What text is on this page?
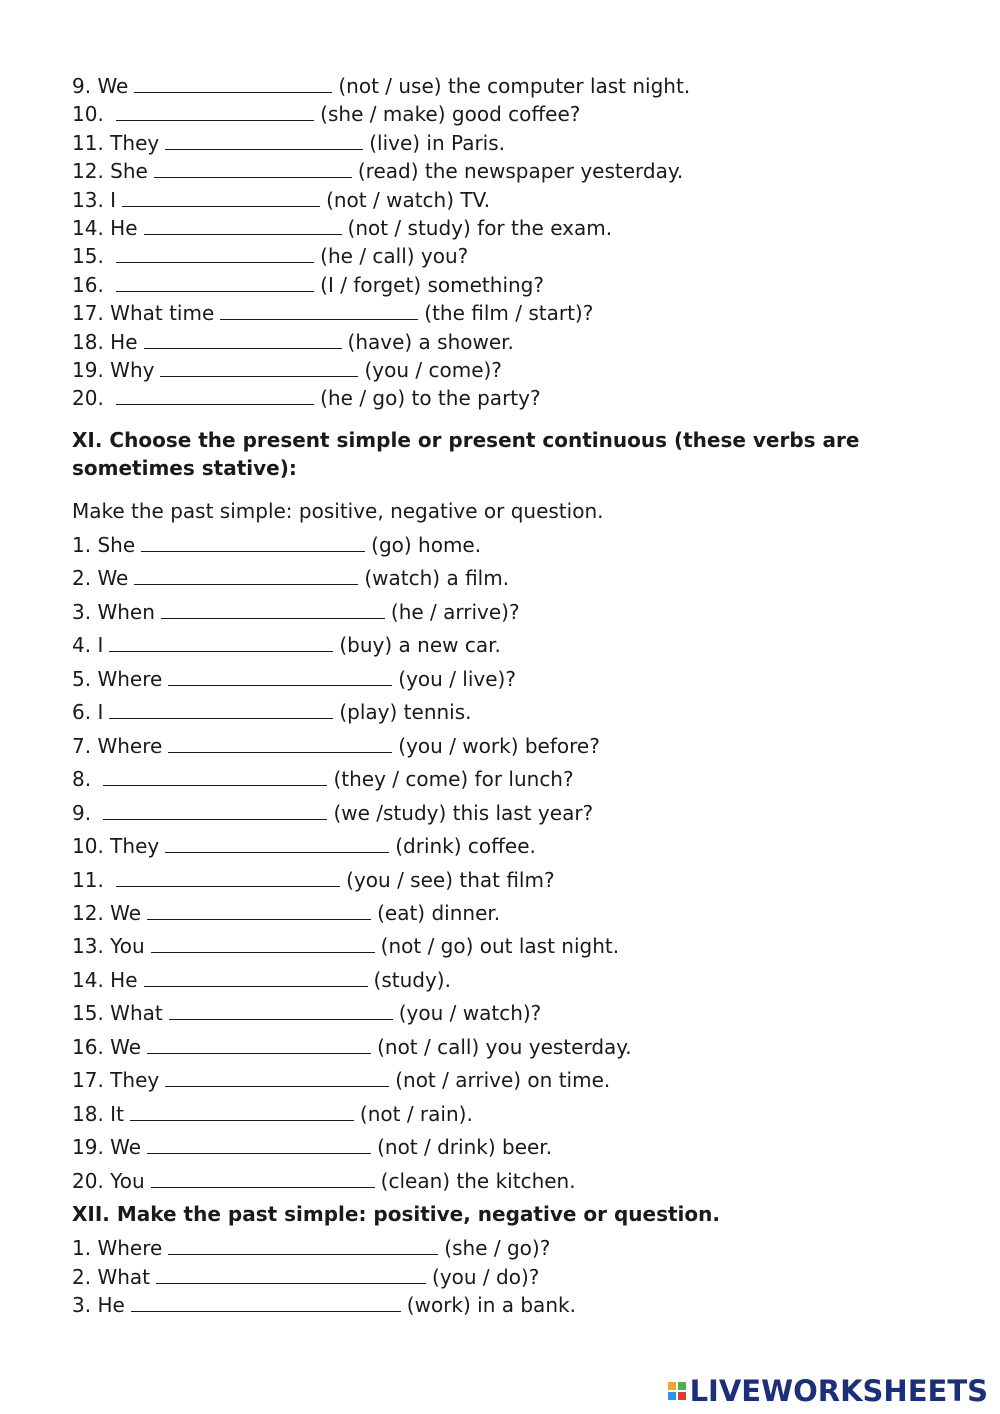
9. We	(not / use) the computer last night.
10.	(she / make) good coffee?
11. They	(live) in Paris.
12. She	(read) the newspaper yesterday.
13. I	(not / watch) TV.
14. He	(not / study) for the exam.
15.	(he / call) you?
16.	(I / forget) something?
17. What time	(the film / start)?
18. He	(have) a shower.
19. Why	(you / come)?
20.	(he / go) to the party?
XI. Choose the present simple or present continuous (these verbs are
sometimes stative):
Make the past simple: positive, negative or question.
1. She	(go) home.
2. We	(watch) a film.
3. When	(he / arrive)?
4. I	(buy) a new car.
5. Where	(you / live)?
6. I	(play) tennis.
7. Where	(you / work) before?
8.	(they / come) for lunch?
9.	(we /study) this last year?
10. They	(drink) coffee.
11.	(you / see) that film?
12. We	(eat) dinner.
13. You	(not / go) out last night.
14. He	(study).
15. What	(you / watch)?
16. We	(not / call) you yesterday.
17. They	(not / arrive) on time.
18. It	(not / rain).
19. We	(not / drink) beer.
20. You	(clean) the kitchen.
XII. Make the past simple: positive, negative or question.
1. Where	(she / go)?
2. What	(you / do)?
3. He	(work) in a bank.
LIVEWORKSHEETS
